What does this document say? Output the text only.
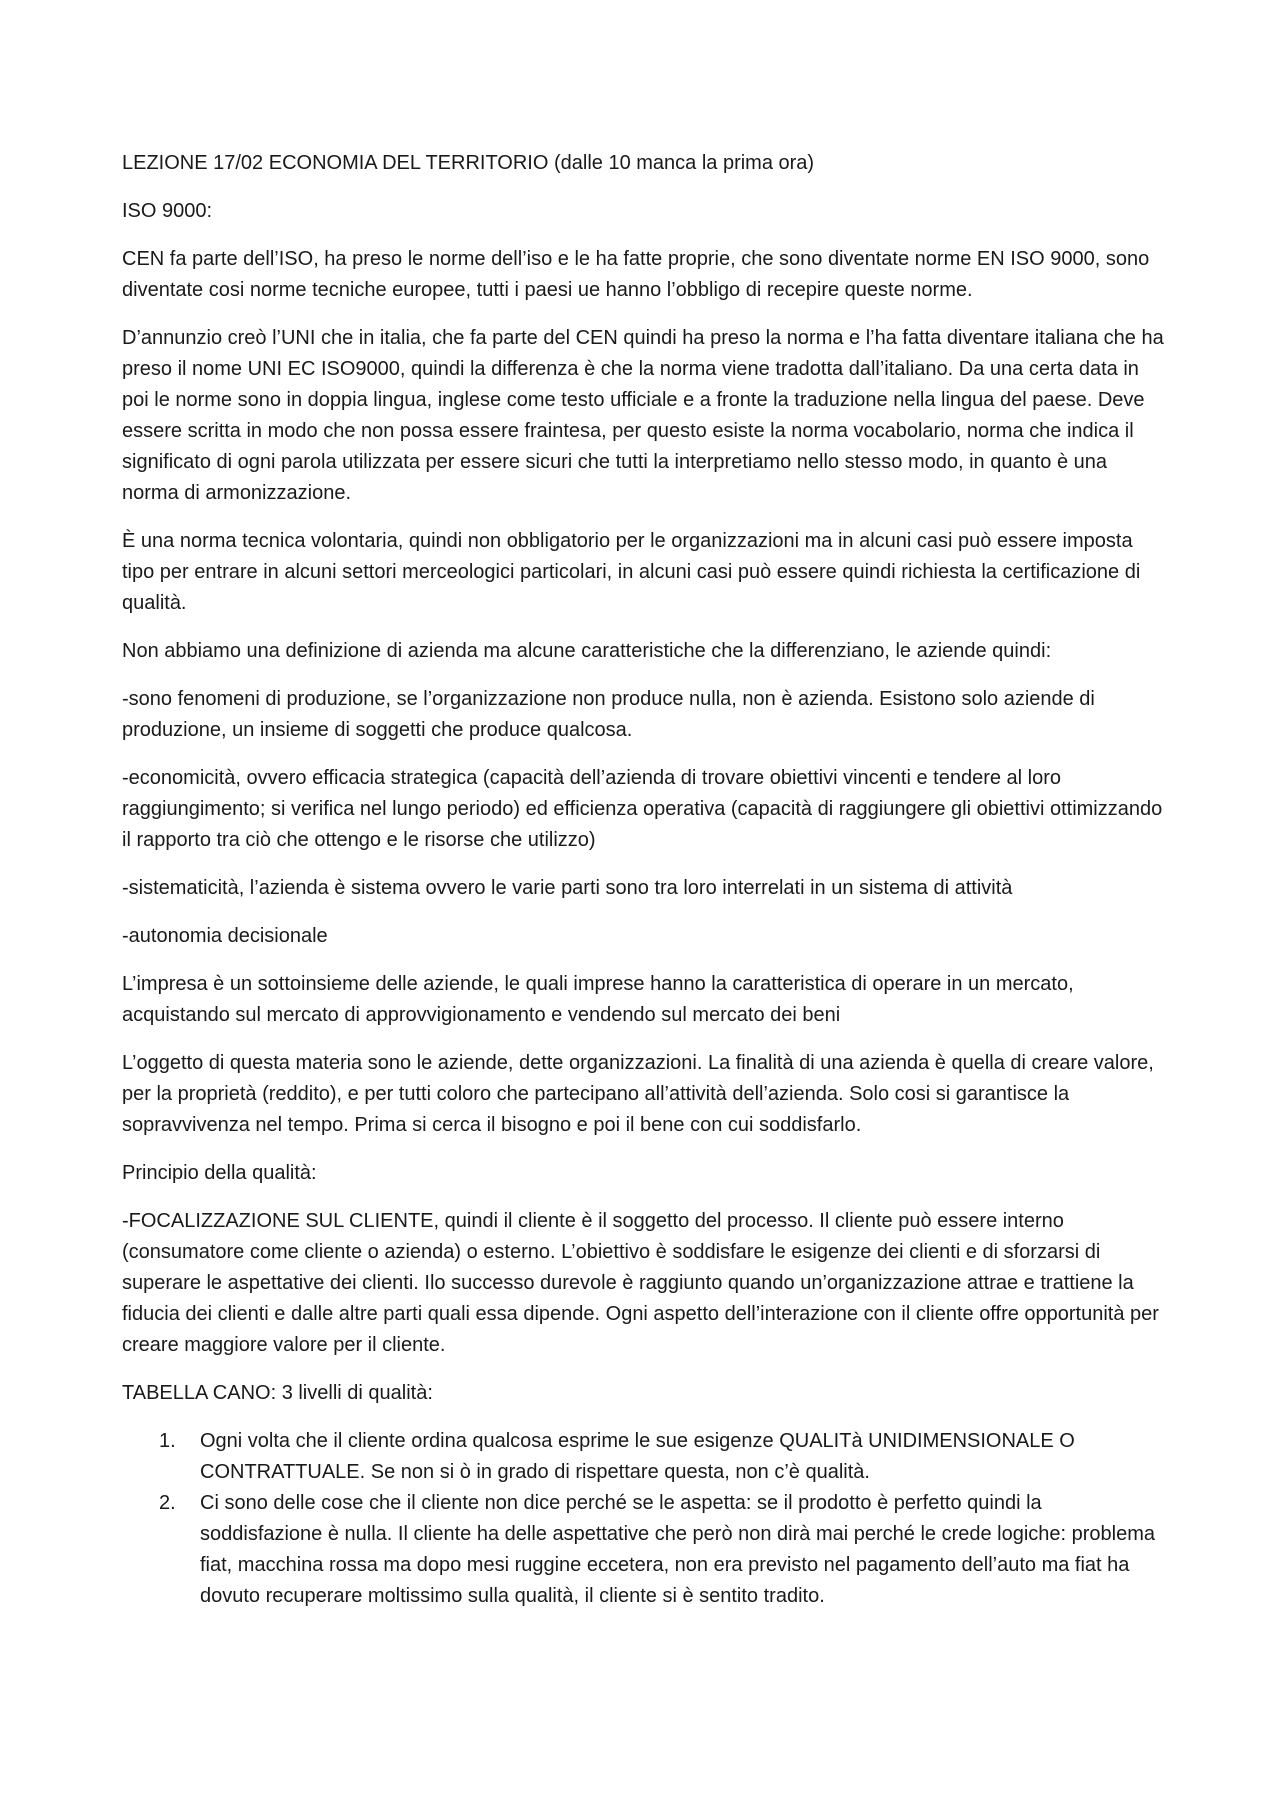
LEZIONE 17/02 ECONOMIA DEL TERRITORIO (dalle 10 manca la prima ora)

ISO 9000:

CEN fa parte dell’ISO, ha preso le norme dell’iso e le ha fatte proprie, che sono diventate norme EN ISO 9000, sono diventate cosi norme tecniche europee, tutti i paesi ue hanno l’obbligo di recepire queste norme.

D’annunzio creò l’UNI che in italia, che fa parte del CEN quindi ha preso la norma e l’ha fatta diventare italiana che ha preso il nome UNI EC ISO9000, quindi la differenza è che la norma viene tradotta dall’italiano. Da una certa data in poi le norme sono in doppia lingua, inglese come testo ufficiale e a fronte la traduzione nella lingua del paese. Deve essere scritta in modo che non possa essere fraintesa, per questo esiste la norma vocabolario, norma che indica il significato di ogni parola utilizzata per essere sicuri che tutti la interpretiamo nello stesso modo, in quanto è una norma di armonizzazione.

È una norma tecnica volontaria, quindi non obbligatorio per le organizzazioni ma in alcuni casi può essere imposta tipo per entrare in alcuni settori merceologici particolari, in alcuni casi può essere quindi richiesta la certificazione di qualità.

Non abbiamo una definizione di azienda ma alcune caratteristiche che la differenziano, le aziende quindi:

-sono fenomeni di produzione, se l’organizzazione non produce nulla, non è azienda. Esistono solo aziende di produzione, un insieme di soggetti che produce qualcosa.

-economicità, ovvero efficacia strategica (capacità dell’azienda di trovare obiettivi vincenti e tendere al loro raggiungimento; si verifica nel lungo periodo) ed efficienza operativa (capacità di raggiungere gli obiettivi ottimizzando il rapporto tra ciò che ottengo e le risorse che utilizzo)

-sistematicità, l’azienda è sistema ovvero le varie parti sono tra loro interrelati in un sistema di attività

-autonomia decisionale

L’impresa è un sottoinsieme delle aziende, le quali imprese hanno la caratteristica di operare in un mercato, acquistando sul mercato di approvvigionamento e vendendo sul mercato dei beni

L’oggetto di questa materia sono le aziende, dette organizzazioni. La finalità di una azienda è quella di creare valore, per la proprietà (reddito), e per tutti coloro che partecipano all’attività dell’azienda. Solo cosi si garantisce la sopravvivenza nel tempo. Prima si cerca il bisogno e poi il bene con cui soddisfarlo.

Principio della qualità:

-FOCALIZZAZIONE SUL CLIENTE, quindi il cliente è il soggetto del processo. Il cliente può essere interno (consumatore come cliente o azienda) o esterno. L’obiettivo è soddisfare le esigenze dei clienti e di sforzarsi di superare le aspettative dei clienti. Ilo successo durevole è raggiunto quando un’organizzazione attrae e trattiene la fiducia dei clienti e dalle altre parti quali essa dipende. Ogni aspetto dell’interazione con il cliente offre opportunità per creare maggiore valore per il cliente.

TABELLA CANO: 3 livelli di qualità:

1. Ogni volta che il cliente ordina qualcosa esprime le sue esigenze QUALITà UNIDIMENSIONALE O CONTRATTUALE. Se non si ò in grado di rispettare questa, non c’è qualità.
2. Ci sono delle cose che il cliente non dice perché se le aspetta: se il prodotto è perfetto quindi la soddisfazione è nulla. Il cliente ha delle aspettative che però non dirà mai perché le crede logiche: problema fiat, macchina rossa ma dopo mesi ruggine eccetera, non era previsto nel pagamento dell’auto ma fiat ha dovuto recuperare moltissimo sulla qualità, il cliente si è sentito tradito.
